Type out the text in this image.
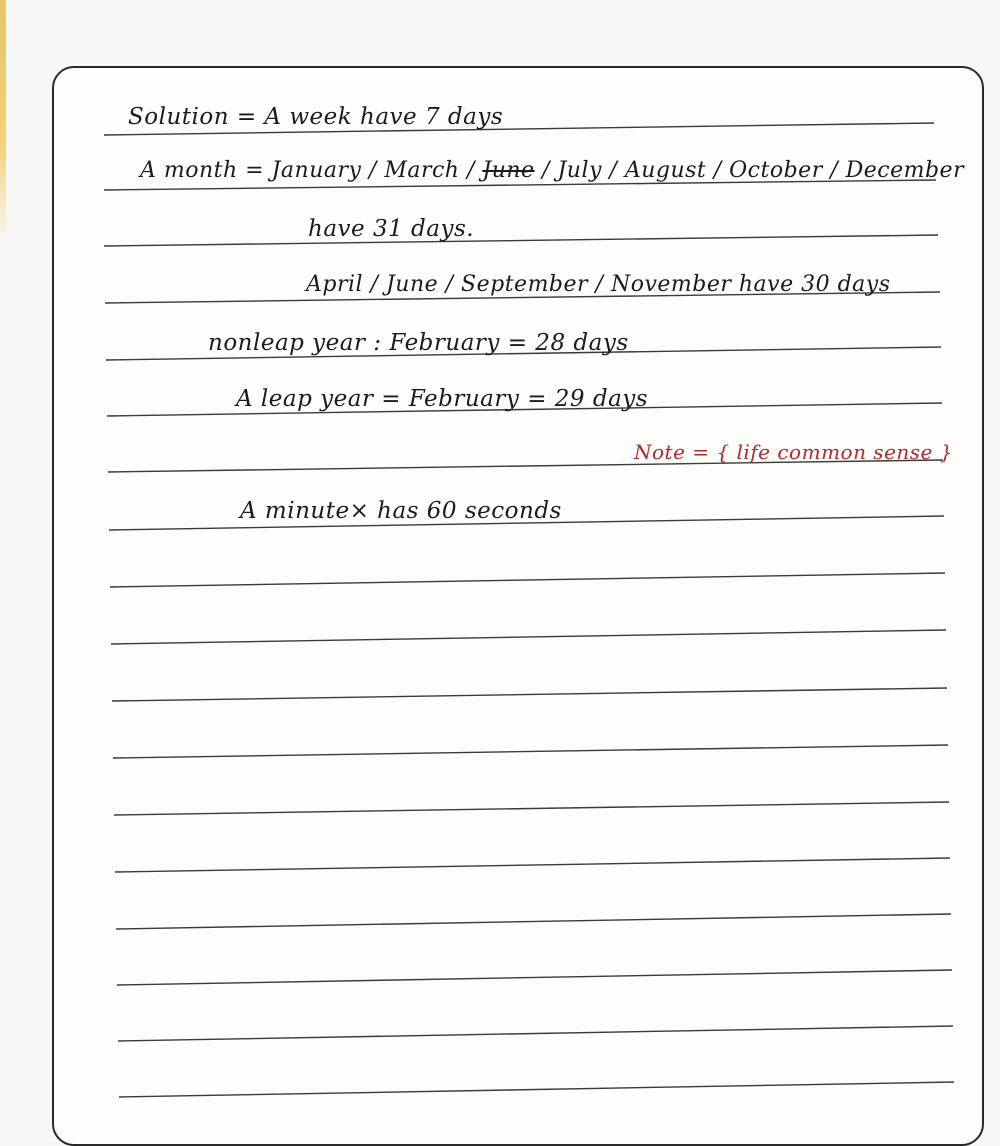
Solution = A week have 7 days
A month = January / March / June / July / August / October / December
have 31 days.
April / June / September / November have 30 days
nonleap year : February = 28 days
A leap year = February = 29 days
Note = { life common sense }
A minute× has 60 seconds
